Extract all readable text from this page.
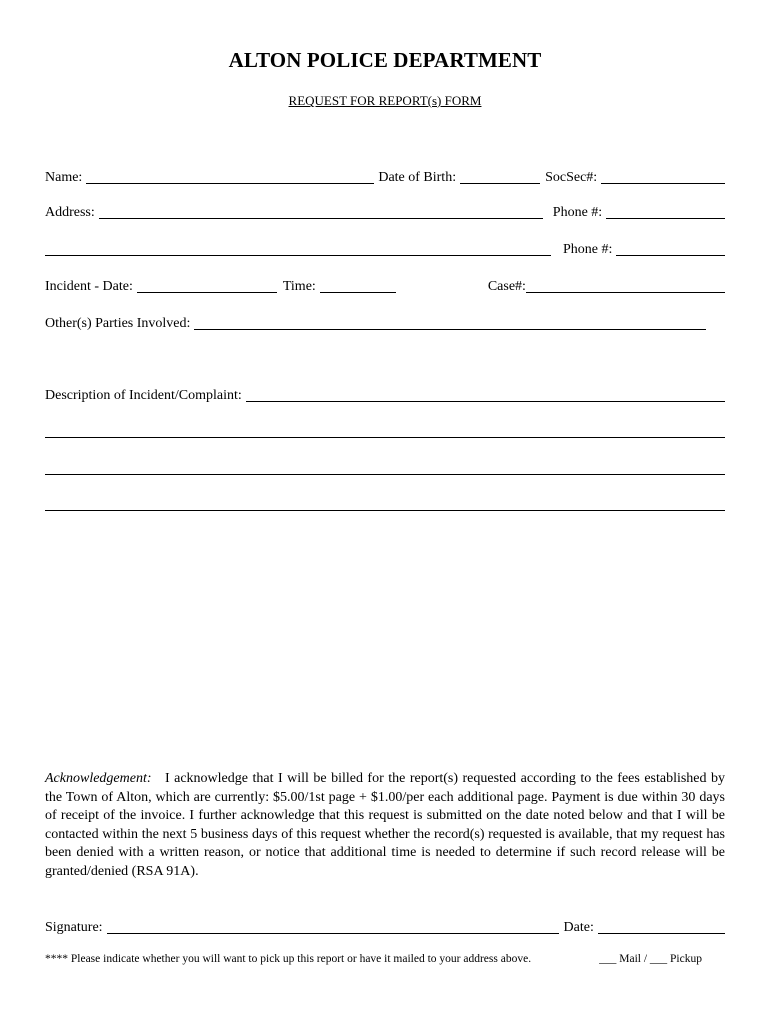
ALTON POLICE DEPARTMENT
REQUEST FOR REPORT(s) FORM
Name:	Date of Birth:	SocSec#:
Address:	Phone #:
Phone #:
Incident - Date:	Time:	Case#:
Other(s) Parties Involved:
Description of Incident/Complaint:
Acknowledgement: I acknowledge that I will be billed for the report(s) requested according to the fees established by the Town of Alton, which are currently: $5.00/1st page + $1.00/per each additional page. Payment is due within 30 days of receipt of the invoice. I further acknowledge that this request is submitted on the date noted below and that I will be contacted within the next 5 business days of this request whether the record(s) requested is available, that my request has been denied with a written reason, or notice that additional time is needed to determine if such record release will be granted/denied (RSA 91A).
Signature:	Date:
**** Please indicate whether you will want to pick up this report or have it mailed to your address above.	___ Mail / ___ Pickup
